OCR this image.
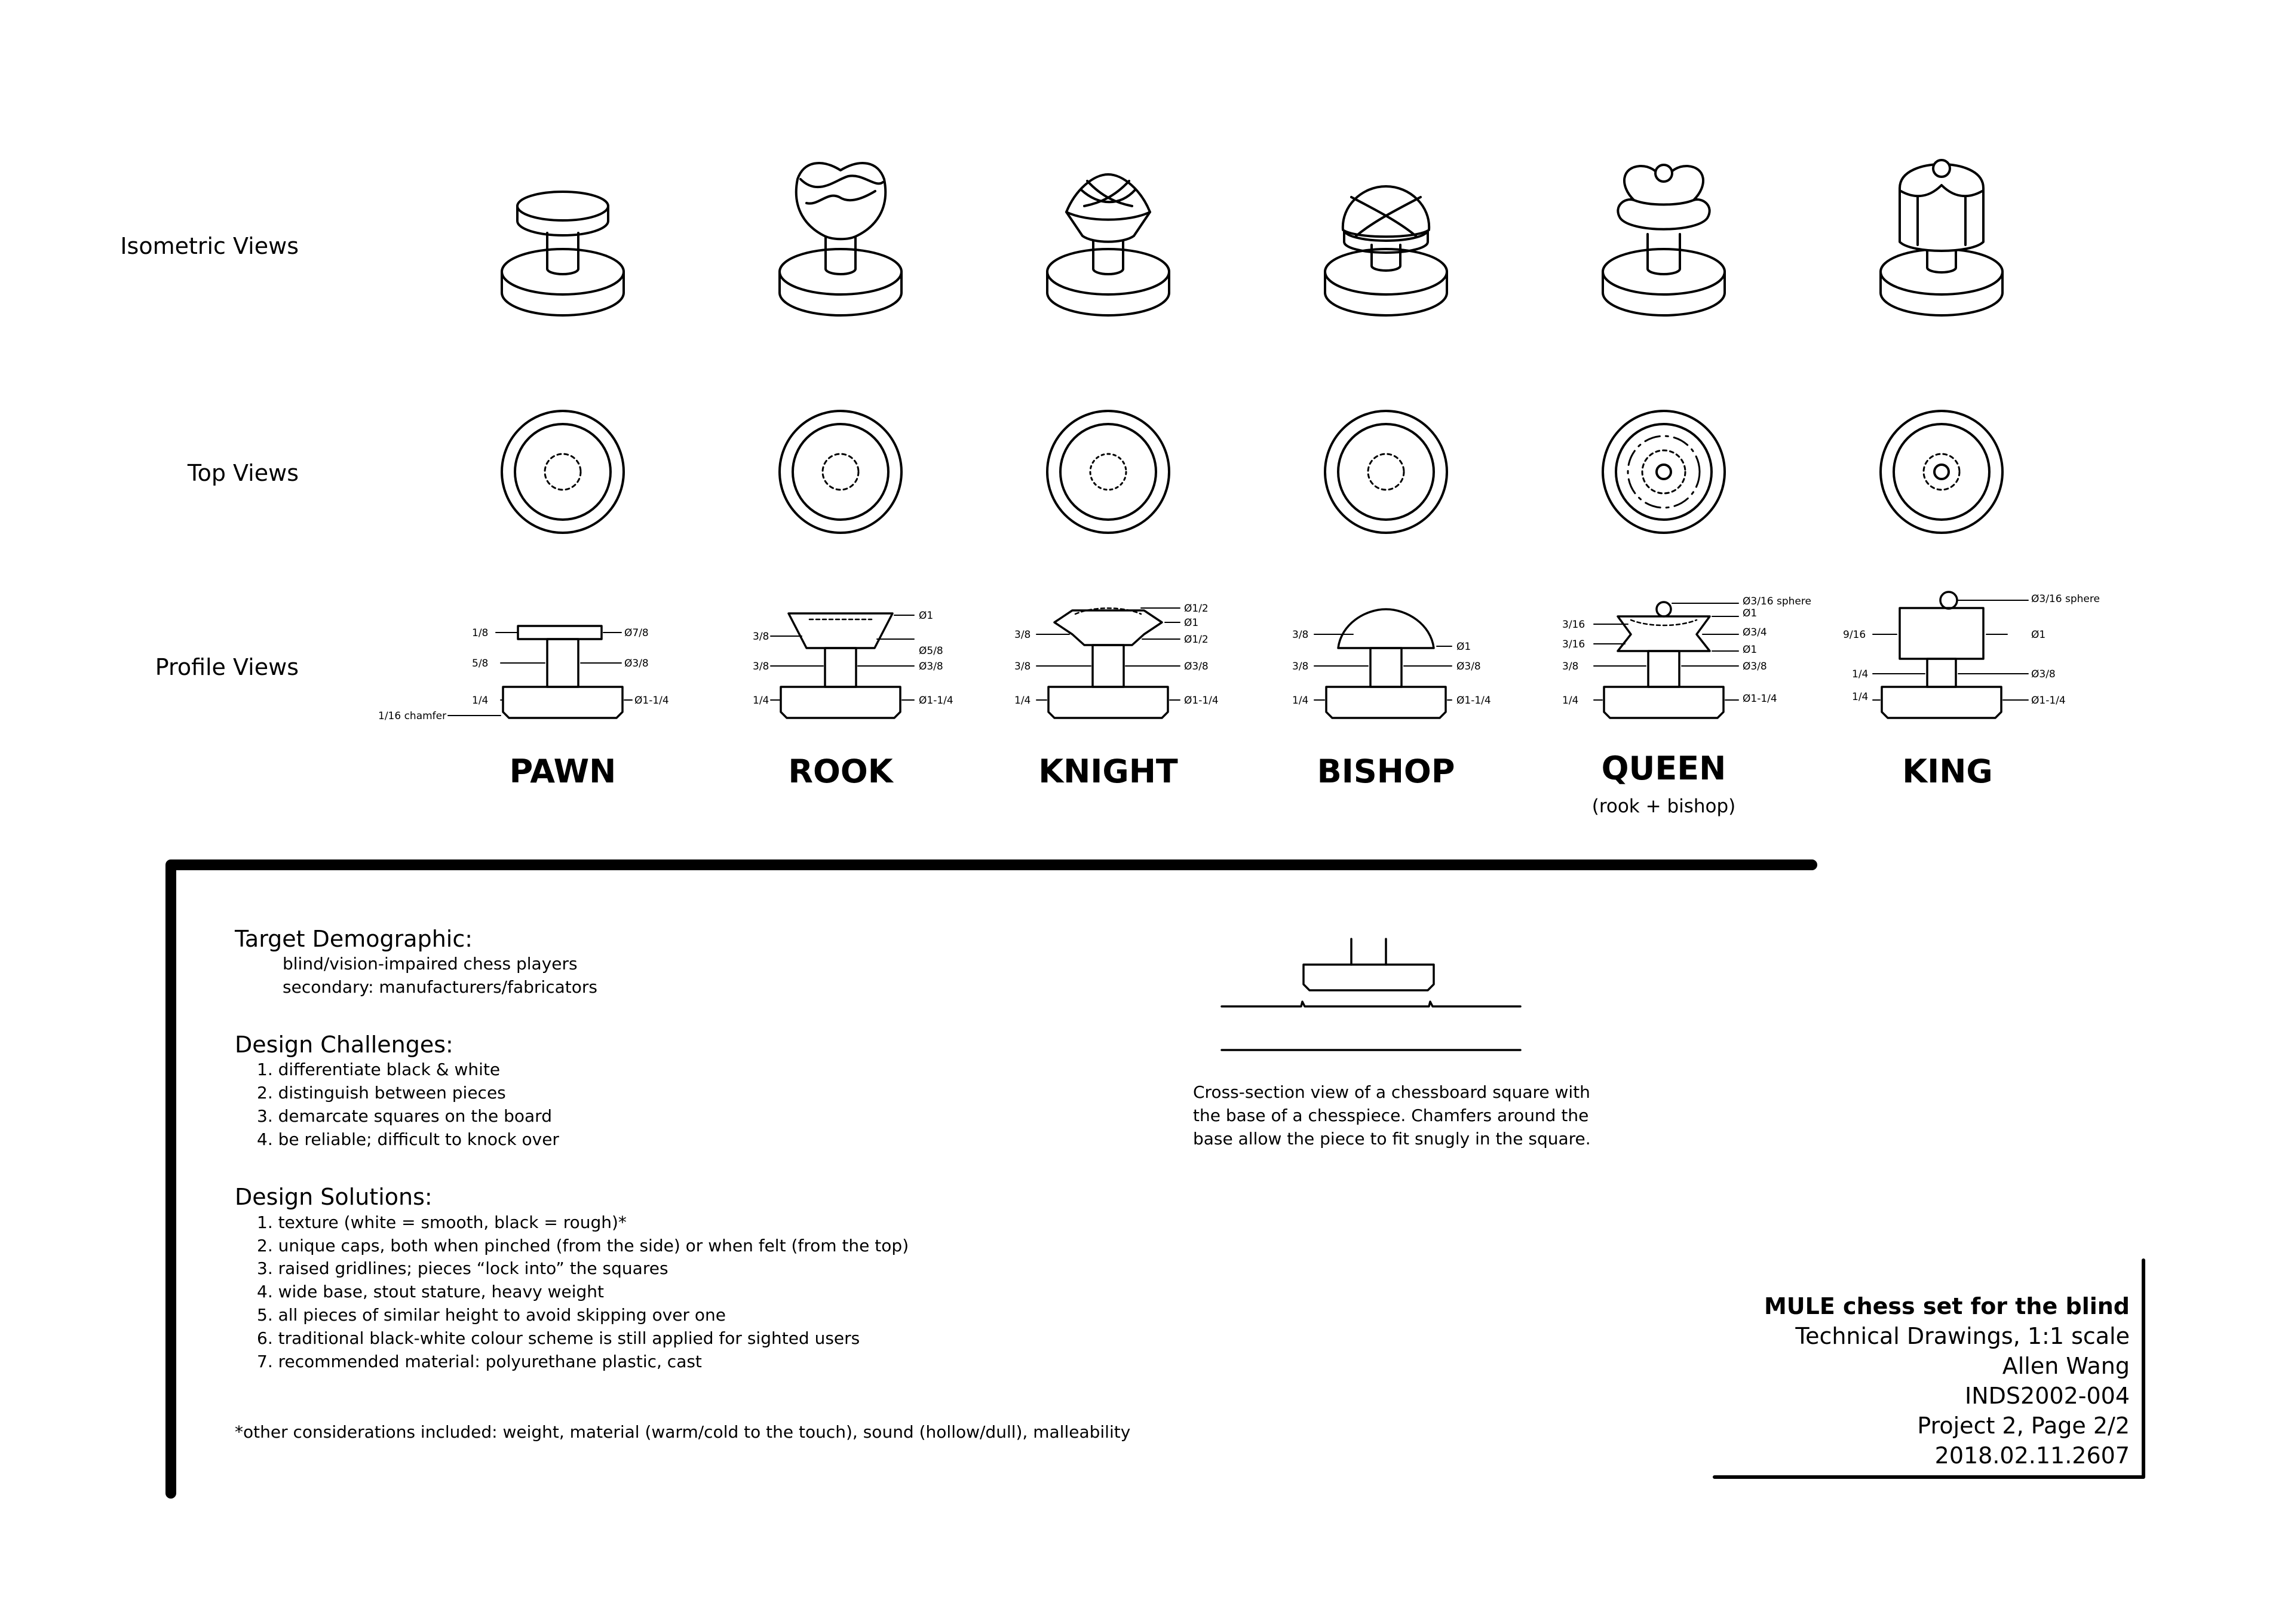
Isometric Views
Top Views
Profile Views
1/8
5/8
1/4
Ø7/8
Ø3/8
Ø1-1/4
1/16 chamfer
3/8
3/8
1/4
Ø1
Ø5/8
Ø3/8
Ø1-1/4
3/8
3/8
1/4
Ø1/2
Ø1
Ø1/2
Ø3/8
Ø1-1/4
3/8
3/8
1/4
Ø1
Ø3/8
Ø1-1/4
3/16
3/16
3/8
1/4
Ø3/16 sphere
Ø1
Ø3/4
Ø1
Ø3/8
Ø1-1/4
9/16
1/4
1/4
Ø3/16 sphere
Ø1
Ø3/8
Ø1-1/4
PAWN	ROOK	KNIGHT	BISHOP	QUEEN
(rook + bishop)
KING
Target Demographic:
blind/vision-impaired chess players
secondary: manufacturers/fabricators
Design Challenges:
1. differentiate black & white
2. distinguish between pieces
3. demarcate squares on the board
4. be reliable; difficult to knock over
Design Solutions:
1. texture (white = smooth, black = rough)*
2. unique caps, both when pinched (from the side) or when felt (from the top)
3. raised gridlines; pieces “lock into” the squares
4. wide base, stout stature, heavy weight
5. all pieces of similar height to avoid skipping over one
6. traditional black-white colour scheme is still applied for sighted users
7. recommended material: polyurethane plastic, cast
*other considerations included: weight, material (warm/cold to the touch), sound (hollow/dull), malleability
Cross-section view of a chessboard square with
the base of a chesspiece. Chamfers around the
base allow the piece to fit snugly in the square.
MULE chess set for the blind
Technical Drawings, 1:1 scale
Allen Wang
INDS2002-004
Project 2, Page 2/2
2018.02.11.2607
